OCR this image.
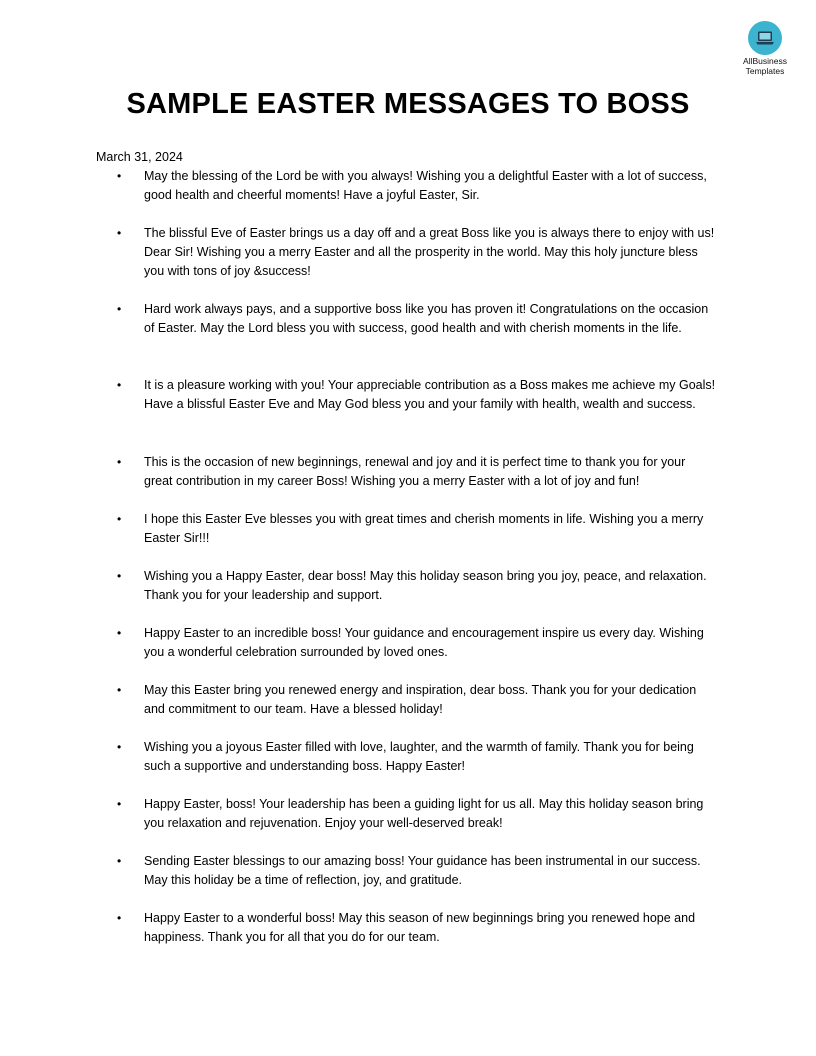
AllBusiness
Templates
SAMPLE EASTER MESSAGES TO BOSS
March 31, 2024
• May the blessing of the Lord be with you always! Wishing you a delightful Easter with a lot of success, good health and cheerful moments! Have a joyful Easter, Sir.
• The blissful Eve of Easter brings us a day off and a great Boss like you is always there to enjoy with us! Dear Sir! Wishing you a merry Easter and all the prosperity in the world. May this holy juncture bless you with tons of joy &success!
• Hard work always pays, and a supportive boss like you has proven it! Congratulations on the occasion of Easter. May the Lord bless you with success, good health and with cherish moments in the life.
• It is a pleasure working with you! Your appreciable contribution as a Boss makes me achieve my Goals! Have a blissful Easter Eve and May God bless you and your family with health, wealth and success.
• This is the occasion of new beginnings, renewal and joy and it is perfect time to thank you for your great contribution in my career Boss! Wishing you a merry Easter with a lot of joy and fun!
• I hope this Easter Eve blesses you with great times and cherish moments in life. Wishing you a merry Easter Sir!!!
• Wishing you a Happy Easter, dear boss! May this holiday season bring you joy, peace, and relaxation. Thank you for your leadership and support.
• Happy Easter to an incredible boss! Your guidance and encouragement inspire us every day. Wishing you a wonderful celebration surrounded by loved ones.
• May this Easter bring you renewed energy and inspiration, dear boss. Thank you for your dedication and commitment to our team. Have a blessed holiday!
• Wishing you a joyous Easter filled with love, laughter, and the warmth of family. Thank you for being such a supportive and understanding boss. Happy Easter!
• Happy Easter, boss! Your leadership has been a guiding light for us all. May this holiday season bring you relaxation and rejuvenation. Enjoy your well-deserved break!
• Sending Easter blessings to our amazing boss! Your guidance has been instrumental in our success. May this holiday be a time of reflection, joy, and gratitude.
• Happy Easter to a wonderful boss! May this season of new beginnings bring you renewed hope and happiness. Thank you for all that you do for our team.
